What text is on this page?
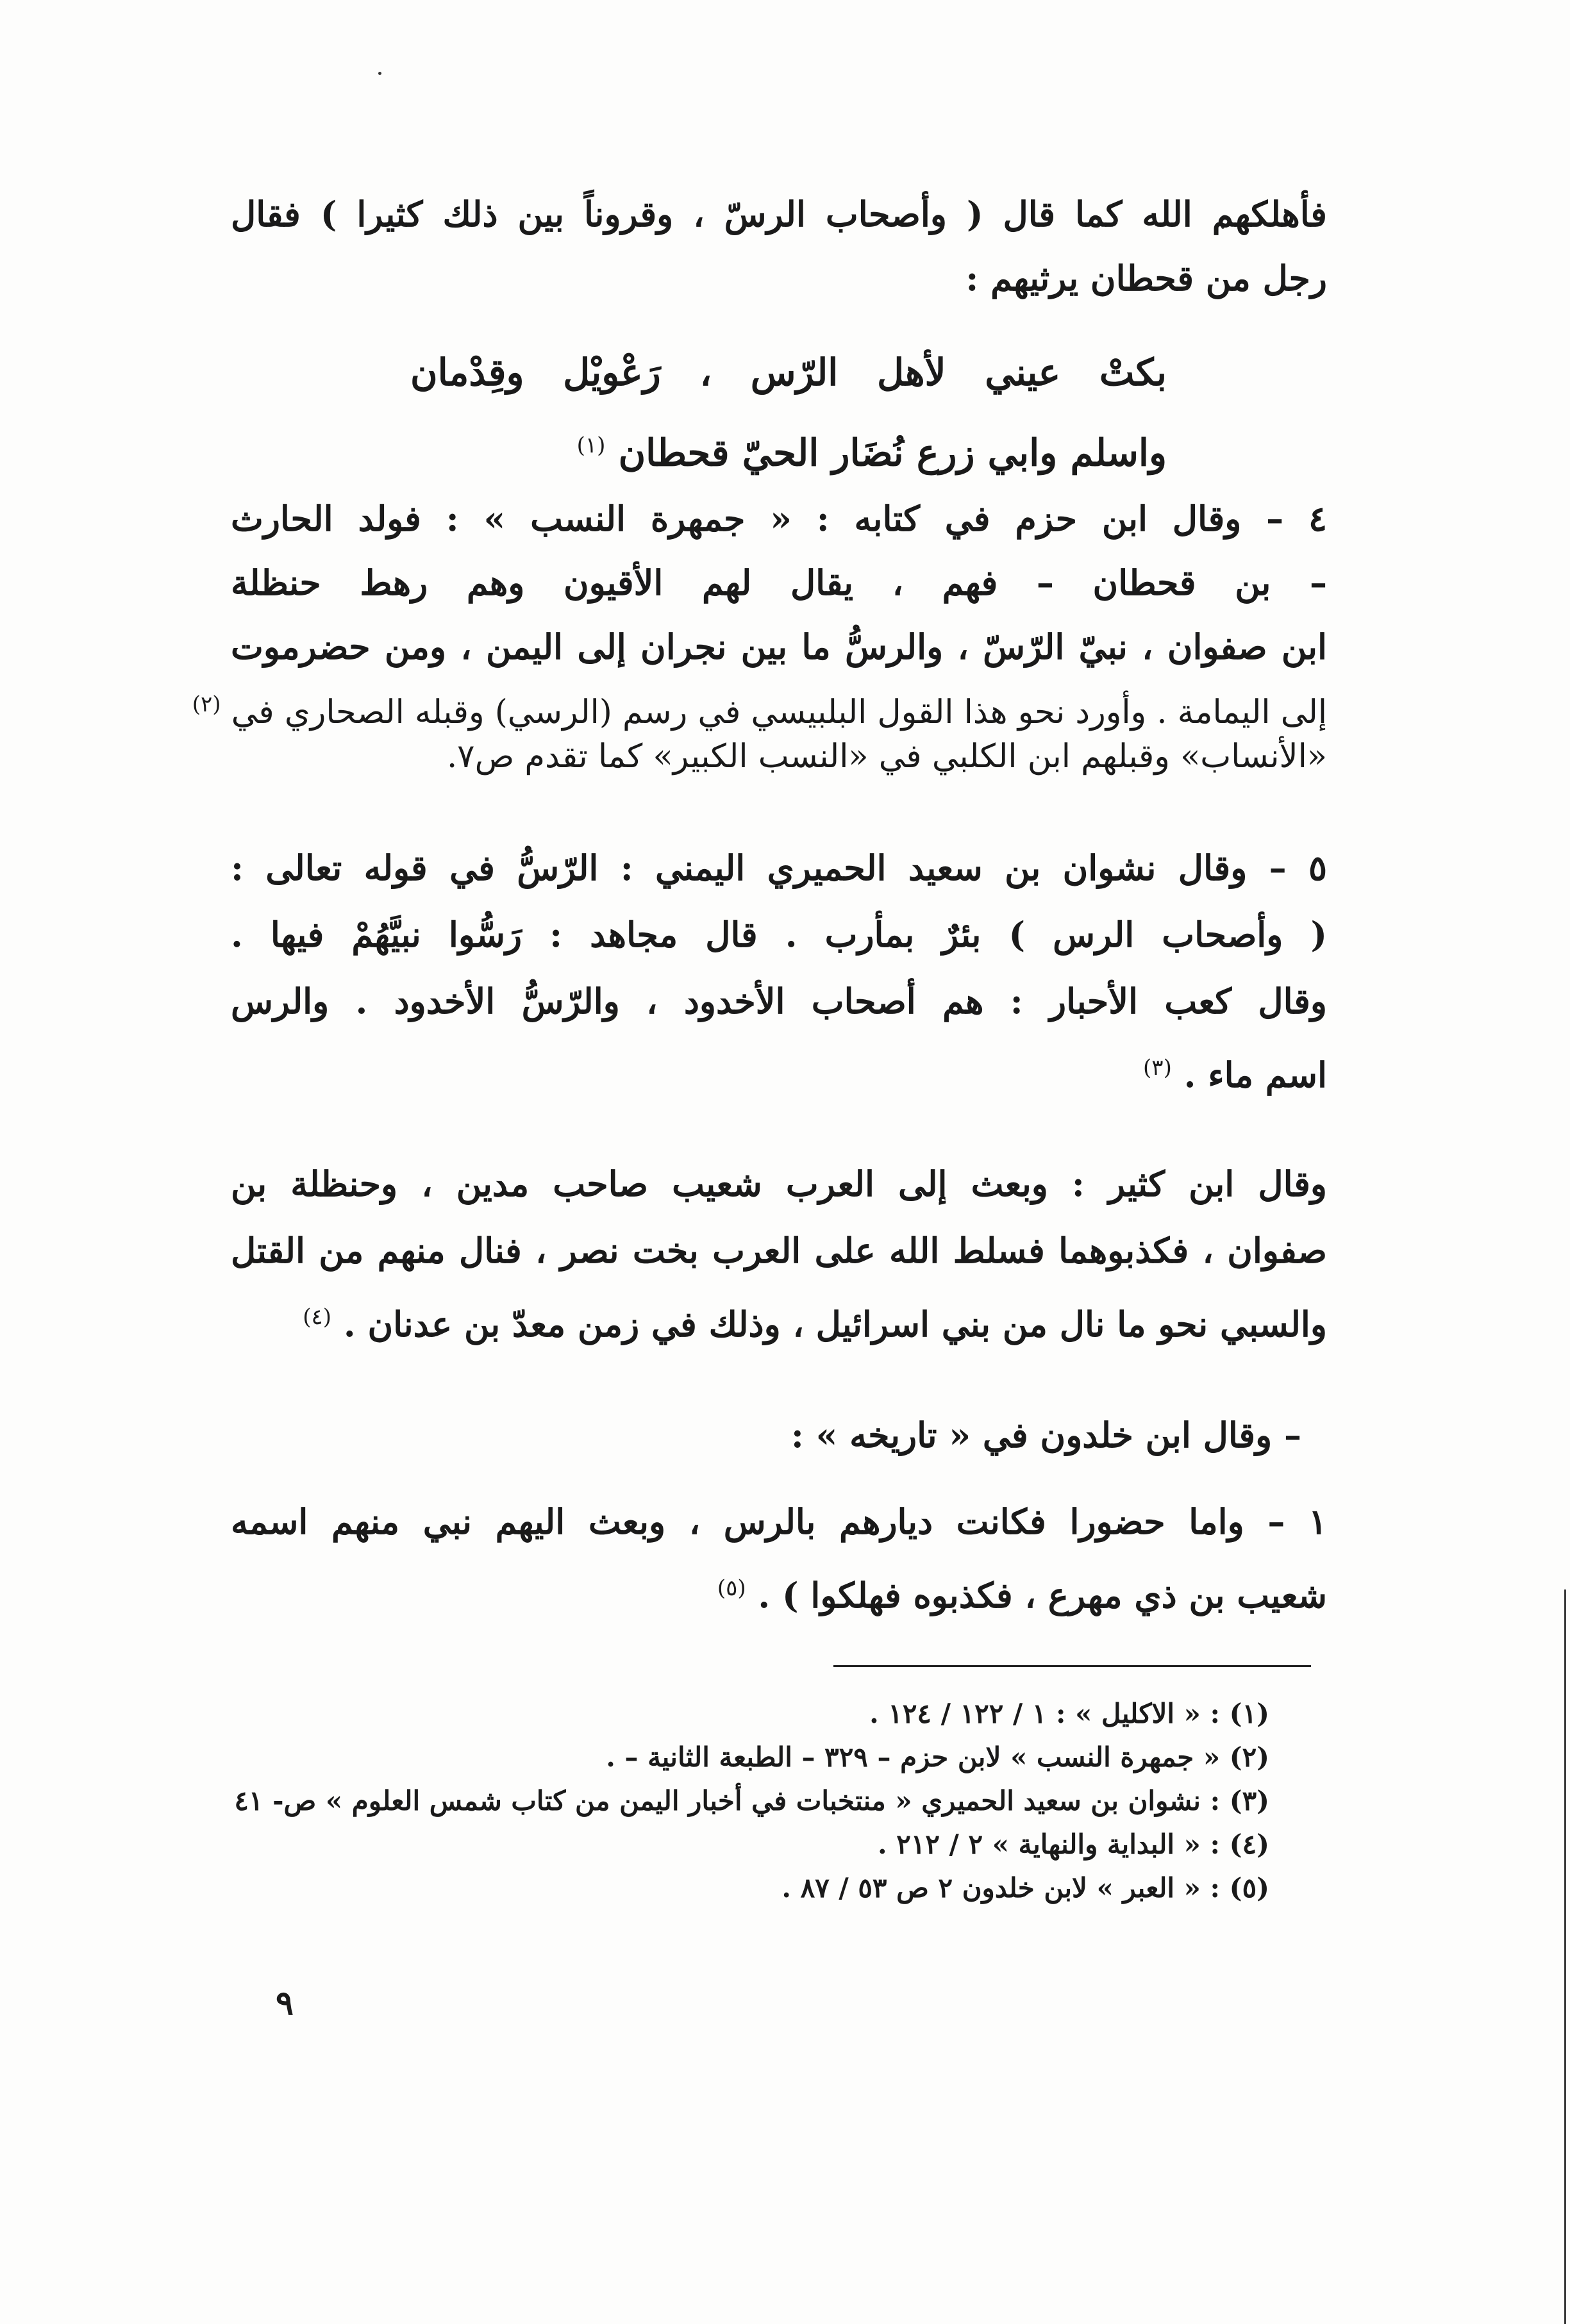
فأهلكهم الله كما قال ( وأصحاب الرسّ ، وقروناً بين ذلك كثيرا ) فقال
رجل من قحطان يرثيهم :
بكتْ عيني لأهل الرّس ، رَعْويْل وقِدْمان
واسلم وابي زرع نُضَار الحيّ قحطان $^{(١)}$
٤ – وقال ابن حزم في كتابه : « جمهرة النسب » : فولد الحارث
– بن قحطان – فهم ، يقال لهم الأقيون وهم رهط حنظلة
ابن صفوان ، نبيّ الرّسّ ، والرسُّ ما بين نجران إلى اليمن ، ومن حضرموت
إلى اليمامة . وأورد نحو هذا القول البلبيسي في رسم (الرسي) وقبله الصحاري في $^{(٢)}$
«الأنساب» وقبلهم ابن الكلبي في «النسب الكبير» كما تقدم ص٧.
٥ – وقال نشوان بن سعيد الحميري اليمني : الرّسُّ في قوله تعالى :
( وأصحاب الرس ) بئرٌ بمأرب . قال مجاهد : رَسُّوا نبيَّهُمْ فيها .
وقال كعب الأحبار : هم أصحاب الأخدود ، والرّسُّ الأخدود . والرس
اسم ماء . $^{(٣)}$
وقال ابن كثير : وبعث إلى العرب شعيب صاحب مدين ، وحنظلة بن
صفوان ، فكذبوهما فسلط الله على العرب بخت نصر ، فنال منهم من القتل
والسبي نحو ما نال من بني اسرائيل ، وذلك في زمن معدّ بن عدنان . $^{(٤)}$
– وقال ابن خلدون في « تاريخه » :
١ – واما حضورا فكانت ديارهم بالرس ، وبعث اليهم نبي منهم اسمه
شعيب بن ذي مهرع ، فكذبوه فهلكوا ) . $^{(٥)}$
(١) : « الاكليل » : ١ / ١٢٢ / ١٢٤ .
(٢) « جمهرة النسب » لابن حزم – ٣٢٩ – الطبعة الثانية – .
(٣) : نشوان بن سعيد الحميري « منتخبات في أخبار اليمن من كتاب شمس العلوم » ص- ٤١
(٤) : « البداية والنهاية » ٢ / ٢١٢ .
(٥) : « العبر » لابن خلدون ٢ ص ٥٣ / ٨٧ .
٩
